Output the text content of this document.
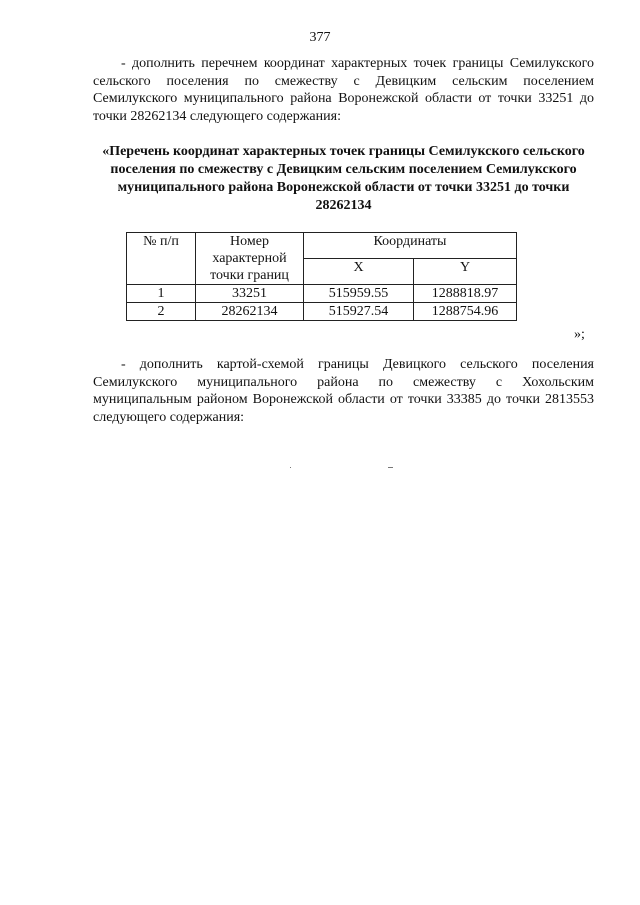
377
- дополнить перечнем координат характерных точек границы Семилукского сельского поселения по смежеству с Девицким сельским поселением Семилукского муниципального района Воронежской области от точки 33251 до точки 28262134 следующего содержания:
«Перечень координат характерных точек границы Семилукского сельского поселения по смежеству с Девицким сельским поселением Семилукского муниципального района Воронежской области от точки 33251 до точки 28262134
№ п/п	Номер характерной точки границ	Координаты	
		X	Y
1	33251	515959.55	1288818.97
2	28262134	515927.54	1288754.96
»;
- дополнить картой-схемой границы Девицкого сельского поселения Семилукского муниципального района по смежеству с Хохольским муниципальным районом Воронежской области от точки 33385 до точки 2813553 следующего содержания:
